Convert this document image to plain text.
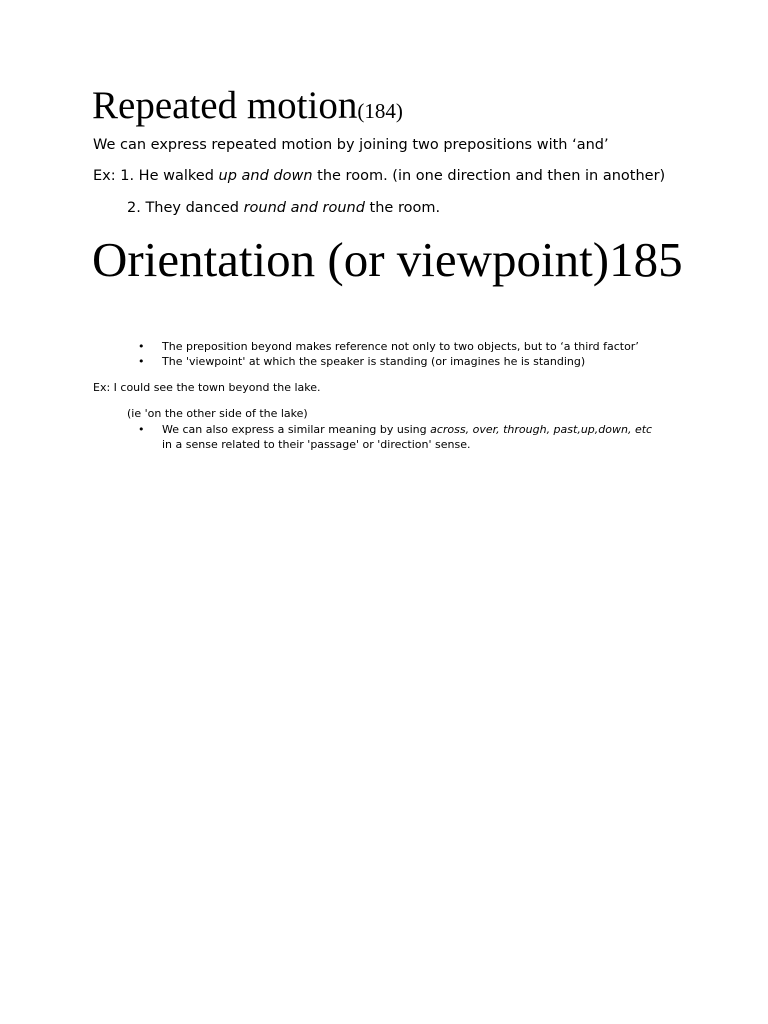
Repeated motion(184)
We can express repeated motion by joining two prepositions with ‘and’
Ex: 1. He walked up and down the room. (in one direction and then in another)
2. They danced round and round the room.
Orientation (or viewpoint)185
• The preposition beyond makes reference not only to two objects, but to ‘a third factor’
• The 'viewpoint' at which the speaker is standing (or imagines he is standing)
Ex: I could see the town beyond the lake.
(ie 'on the other side of the lake)
• We can also express a similar meaning by using across, over, through, past,up,down, etc
in a sense related to their 'passage' or 'direction' sense.
